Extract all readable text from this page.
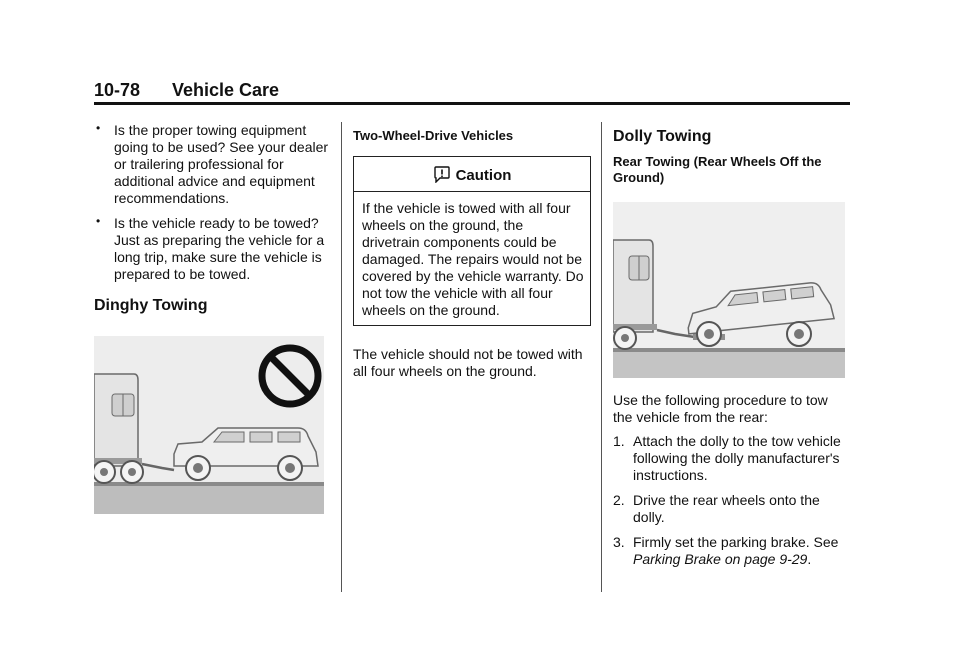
10-78 Vehicle Care
• Is the proper towing equipment going to be used? See your dealer or trailering professional for additional advice and equipment recommendations.
• Is the vehicle ready to be towed? Just as preparing the vehicle for a long trip, make sure the vehicle is prepared to be towed.
Dinghy Towing
Two-Wheel-Drive Vehicles
Caution
If the vehicle is towed with all four wheels on the ground, the drivetrain components could be damaged. The repairs would not be covered by the vehicle warranty. Do not tow the vehicle with all four wheels on the ground.
The vehicle should not be towed with all four wheels on the ground.
Dolly Towing
Rear Towing (Rear Wheels Off the Ground)
Use the following procedure to tow the vehicle from the rear:
1. Attach the dolly to the tow vehicle following the dolly manufacturer's instructions.
2. Drive the rear wheels onto the dolly.
3. Firmly set the parking brake. See Parking Brake on page 9-29.
